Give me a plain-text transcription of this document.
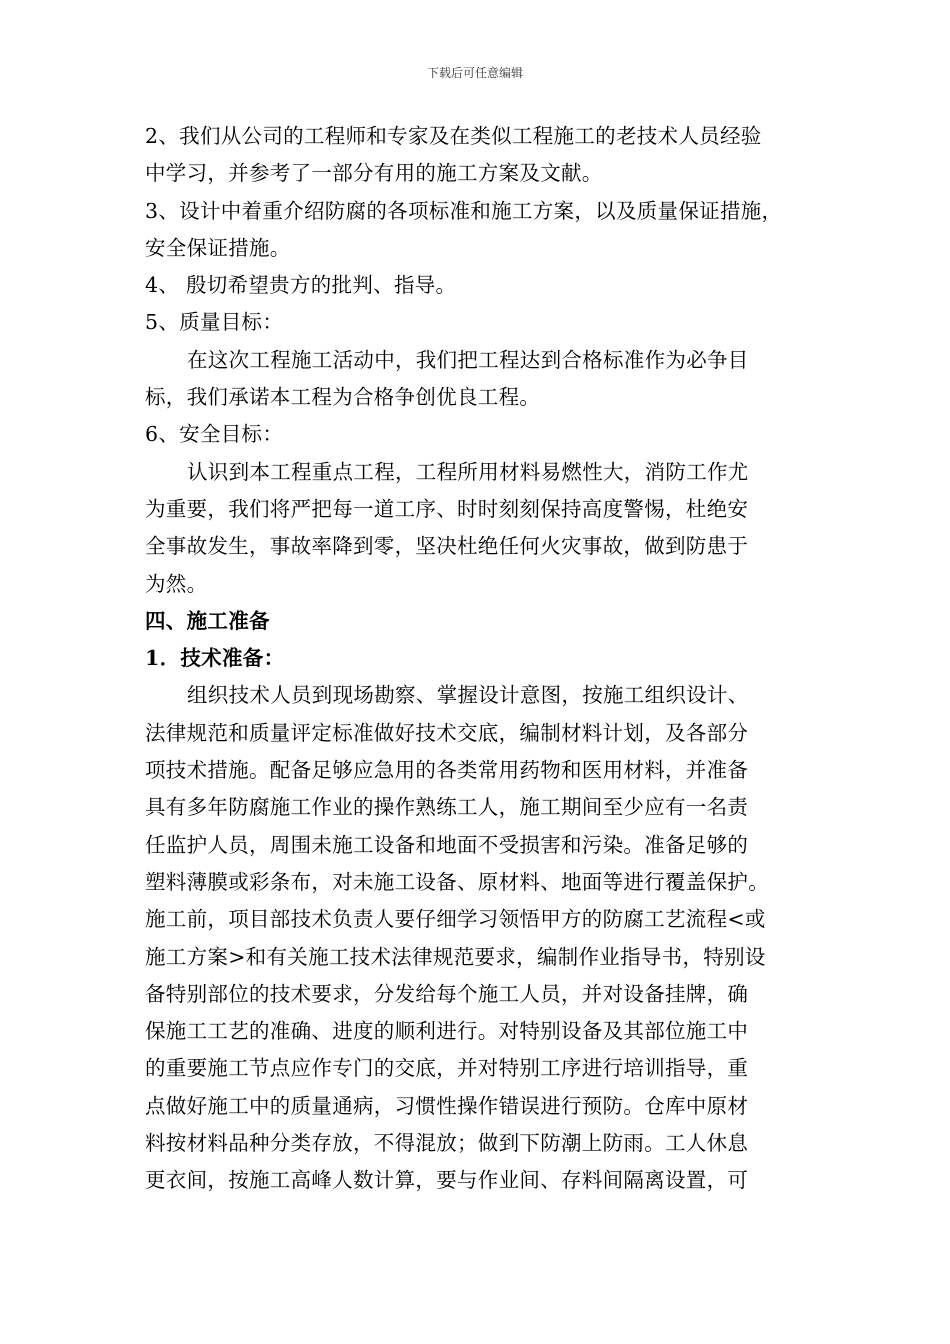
下载后可任意编辑
2、我们从公司的工程师和专家及在类似工程施工的老技术人员经验
中学习，并参考了一部分有用的施工方案及文献。
3、设计中着重介绍防腐的各项标准和施工方案，以及质量保证措施，
安全保证措施。
4、 殷切希望贵方的批判、指导。
5、质量目标：
在这次工程施工活动中，我们把工程达到合格标准作为必争目
标，我们承诺本工程为合格争创优良工程。
6、安全目标：
认识到本工程重点工程，工程所用材料易燃性大，消防工作尤
为重要，我们将严把每一道工序、时时刻刻保持高度警惕，杜绝安
全事故发生，事故率降到零，坚决杜绝任何火灾事故，做到防患于
为然。
四、施工准备
1．技术准备：
组织技术人员到现场勘察、掌握设计意图，按施工组织设计、
法律规范和质量评定标准做好技术交底，编制材料计划，及各部分
项技术措施。配备足够应急用的各类常用药物和医用材料，并准备
具有多年防腐施工作业的操作熟练工人，施工期间至少应有一名责
任监护人员，周围未施工设备和地面不受损害和污染。准备足够的
塑料薄膜或彩条布，对未施工设备、原材料、地面等进行覆盖保护。
施工前，项目部技术负责人要仔细学习领悟甲方的防腐工艺流程<或
施工方案>和有关施工技术法律规范要求，编制作业指导书，特别设
备特别部位的技术要求，分发给每个施工人员，并对设备挂牌，确
保施工工艺的准确、进度的顺利进行。对特别设备及其部位施工中
的重要施工节点应作专门的交底，并对特别工序进行培训指导，重
点做好施工中的质量通病，习惯性操作错误进行预防。仓库中原材
料按材料品种分类存放，不得混放；做到下防潮上防雨。工人休息
更衣间，按施工高峰人数计算，要与作业间、存料间隔离设置，可
